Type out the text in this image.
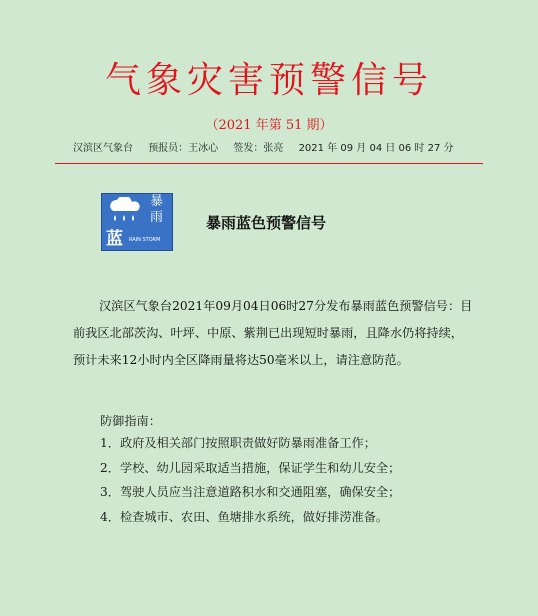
气象灾害预警信号
（2021 年第 51 期）
汉滨区气象台 预报员：王冰心 签发：张亮 2021 年 09 月 04 日 06 时 27 分
暴
雨
蓝 RAIN STORM
暴雨蓝色预警信号
汉滨区气象台2021年09月04日06时27分发布暴雨蓝色预警信号：目前我区北部茨沟、叶坪、中原、紫荆已出现短时暴雨，且降水仍将持续，预计未来12小时内全区降雨量将达50毫米以上，请注意防范。
防御指南：
1．政府及相关部门按照职责做好防暴雨准备工作；
2．学校、幼儿园采取适当措施，保证学生和幼儿安全；
3．驾驶人员应当注意道路积水和交通阻塞，确保安全；
4．检查城市、农田、鱼塘排水系统，做好排涝准备。
